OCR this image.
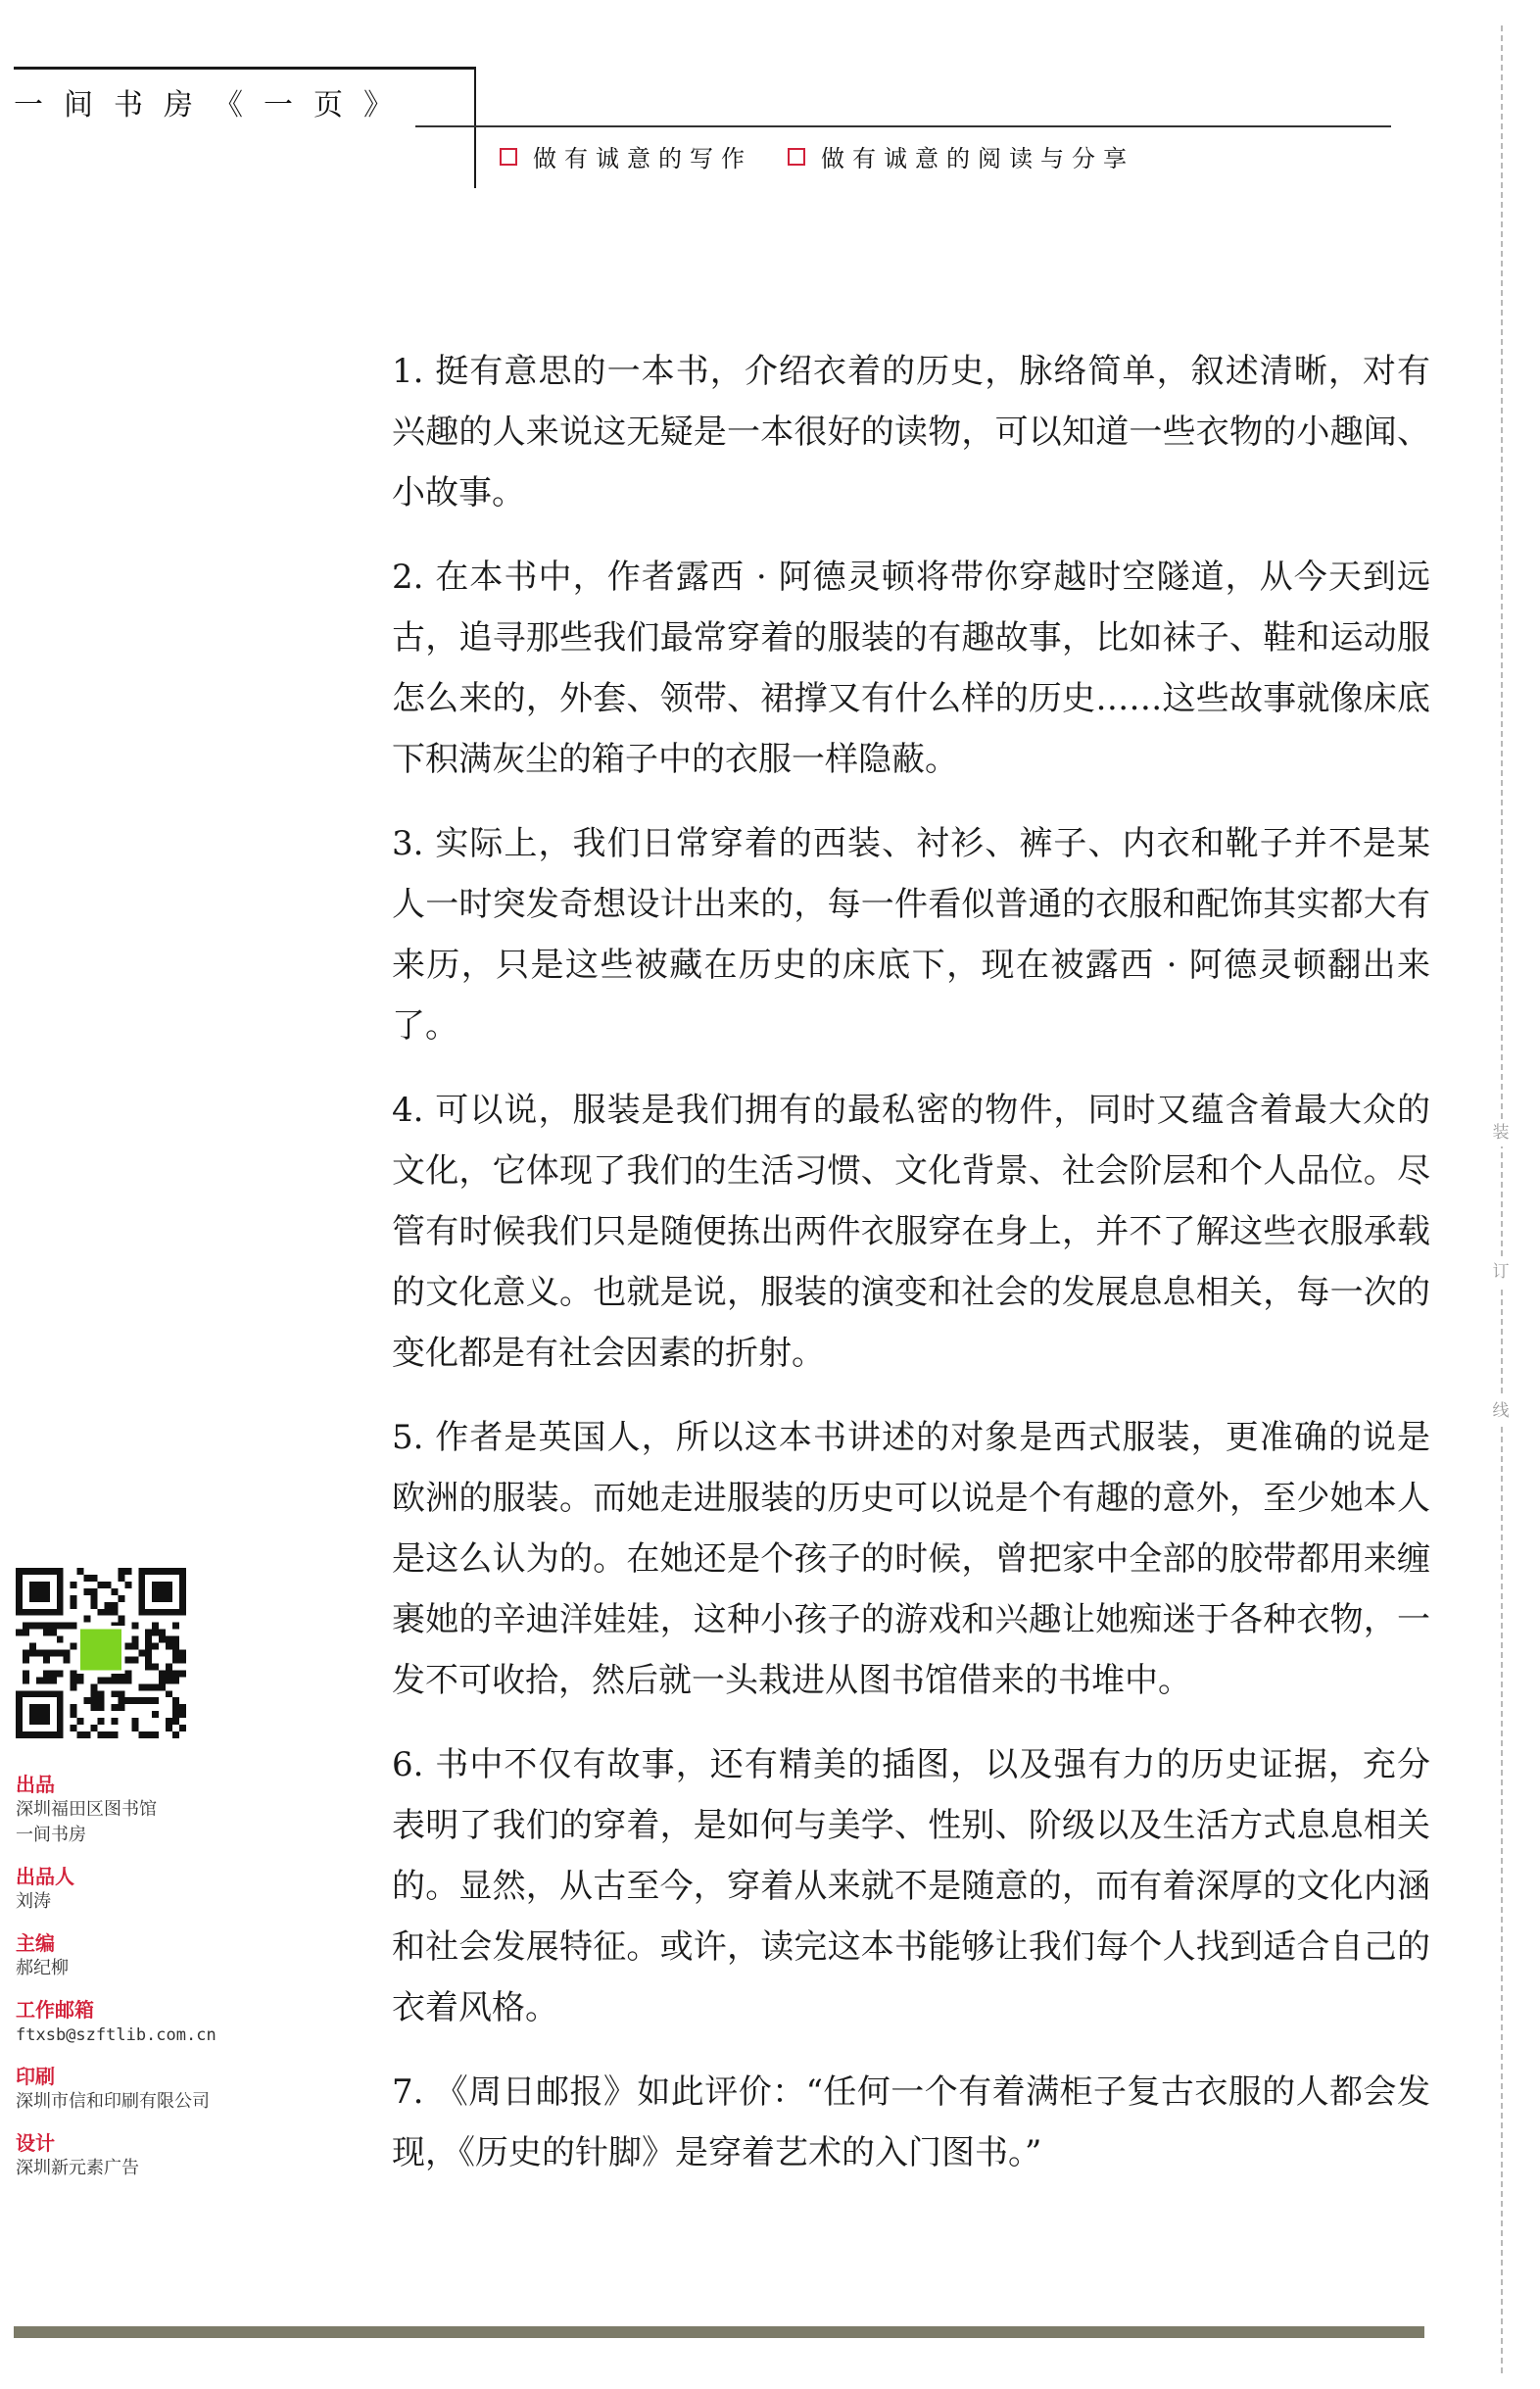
一间书房《一页》
做有诚意的写作	做有诚意的阅读与分享
装
订
线

1. 挺有意思的一本书，介绍衣着的历史，脉络简单，叙述清晰，对有兴趣的人来说这无疑是一本很好的读物，可以知道一些衣物的小趣闻、小故事。

2. 在本书中，作者露西 · 阿德灵顿将带你穿越时空隧道，从今天到远古，追寻那些我们最常穿着的服装的有趣故事，比如袜子、鞋和运动服怎么来的，外套、领带、裙撑又有什么样的历史……这些故事就像床底下积满灰尘的箱子中的衣服一样隐蔽。

3. 实际上，我们日常穿着的西装、衬衫、裤子、内衣和靴子并不是某人一时突发奇想设计出来的，每一件看似普通的衣服和配饰其实都大有来历，只是这些被藏在历史的床底下，现在被露西 · 阿德灵顿翻出来了。

4. 可以说，服装是我们拥有的最私密的物件，同时又蕴含着最大众的文化，它体现了我们的生活习惯、文化背景、社会阶层和个人品位。尽管有时候我们只是随便拣出两件衣服穿在身上，并不了解这些衣服承载的文化意义。也就是说，服装的演变和社会的发展息息相关，每一次的变化都是有社会因素的折射。

5. 作者是英国人，所以这本书讲述的对象是西式服装，更准确的说是欧洲的服装。而她走进服装的历史可以说是个有趣的意外，至少她本人是这么认为的。在她还是个孩子的时候，曾把家中全部的胶带都用来缠裹她的辛迪洋娃娃，这种小孩子的游戏和兴趣让她痴迷于各种衣物，一发不可收拾，然后就一头栽进从图书馆借来的书堆中。

6. 书中不仅有故事，还有精美的插图，以及强有力的历史证据，充分表明了我们的穿着，是如何与美学、性别、阶级以及生活方式息息相关的。显然，从古至今，穿着从来就不是随意的，而有着深厚的文化内涵和社会发展特征。或许，读完这本书能够让我们每个人找到适合自己的衣着风格。

7. 《周日邮报》如此评价：“任何一个有着满柜子复古衣服的人都会发现，《历史的针脚》是穿着艺术的入门图书。”

出品
深圳福田区图书馆
一间书房
出品人
刘涛
主编
郝纪柳
工作邮箱
ftxsb@szftlib.com.cn
印刷
深圳市信和印刷有限公司
设计
深圳新元素广告
